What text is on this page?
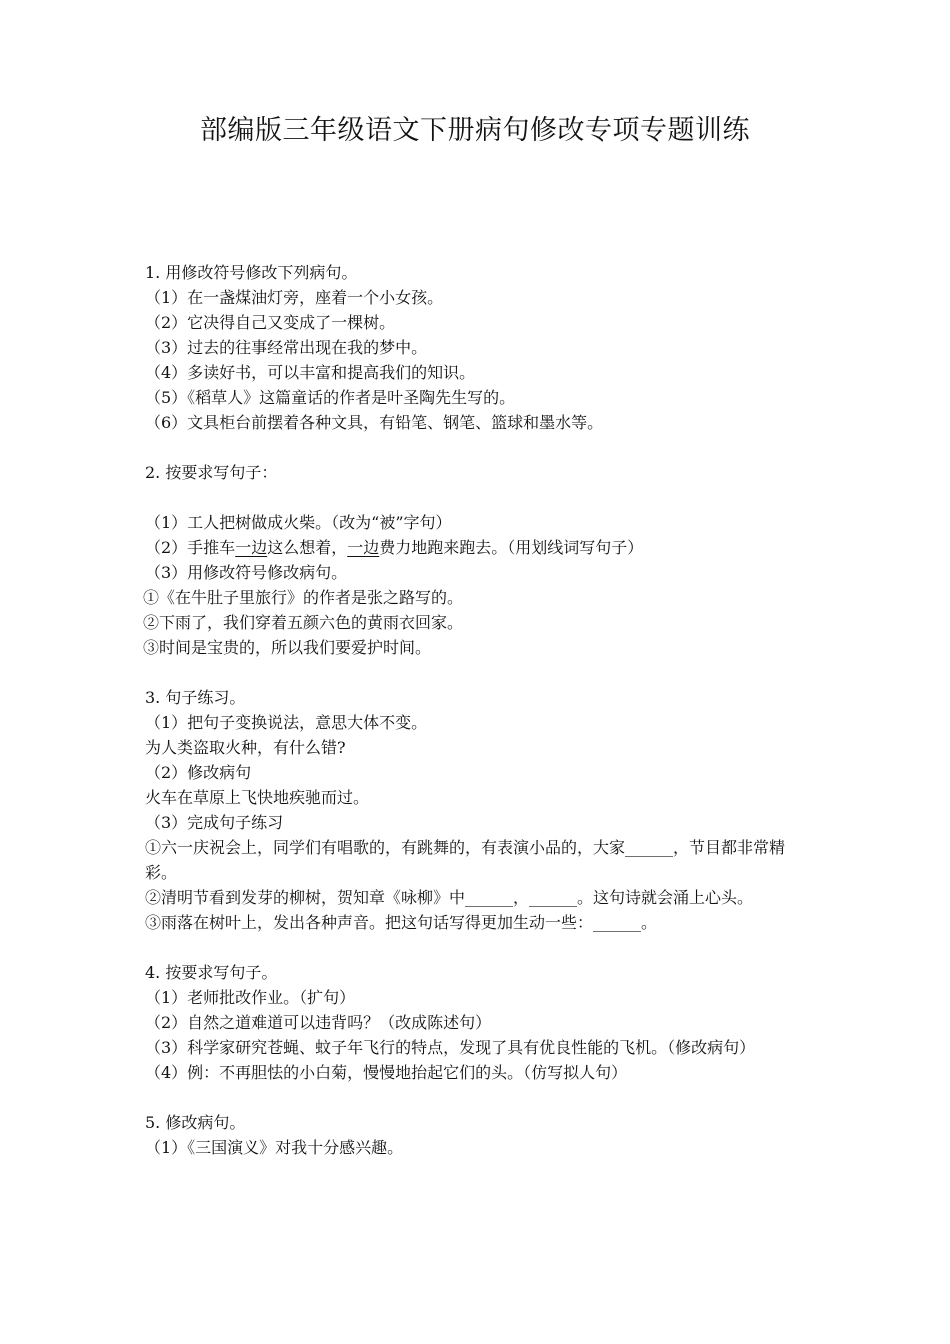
部编版三年级语文下册病句修改专项专题训练

1. 用修改符号修改下列病句。

（1）在一盏煤油灯旁，座着一个小女孩。

（2）它决得自己又变成了一棵树。

（3）过去的往事经常出现在我的梦中。

（4）多读好书，可以丰富和提高我们的知识。

（5）《稻草人》这篇童话的作者是叶圣陶先生写的。

（6）文具柜台前摆着各种文具，有铅笔、钢笔、篮球和墨水等。

2. 按要求写句子：

（1）工人把树做成火柴。（改为“被”字句）

（2）手推车一边这么想着，一边费力地跑来跑去。（用划线词写句子）

（3）用修改符号修改病句。

①《在牛肚子里旅行》的作者是张之路写的。

②下雨了，我们穿着五颜六色的黄雨衣回家。

③时间是宝贵的，所以我们要爱护时间。

3. 句子练习。

（1）把句子变换说法，意思大体不变。

为人类盗取火种，有什么错?

（2）修改病句

火车在草原上飞快地疾驰而过。

（3）完成句子练习

①六一庆祝会上，同学们有唱歌的，有跳舞的，有表演小品的，大家______，节目都非常精彩。

②清明节看到发芽的柳树，贺知章《咏柳》中______，______。这句诗就会涌上心头。

③雨落在树叶上，发出各种声音。把这句话写得更加生动一些：______。

4. 按要求写句子。

（1）老师批改作业。（扩句）

（2）自然之道难道可以违背吗？（改成陈述句）

（3）科学家研究苍蝇、蚊子年飞行的特点，发现了具有优良性能的飞机。（修改病句）

（4）例：不再胆怯的小白菊，慢慢地抬起它们的头。（仿写拟人句）

5. 修改病句。

（1）《三国演义》对我十分感兴趣。
